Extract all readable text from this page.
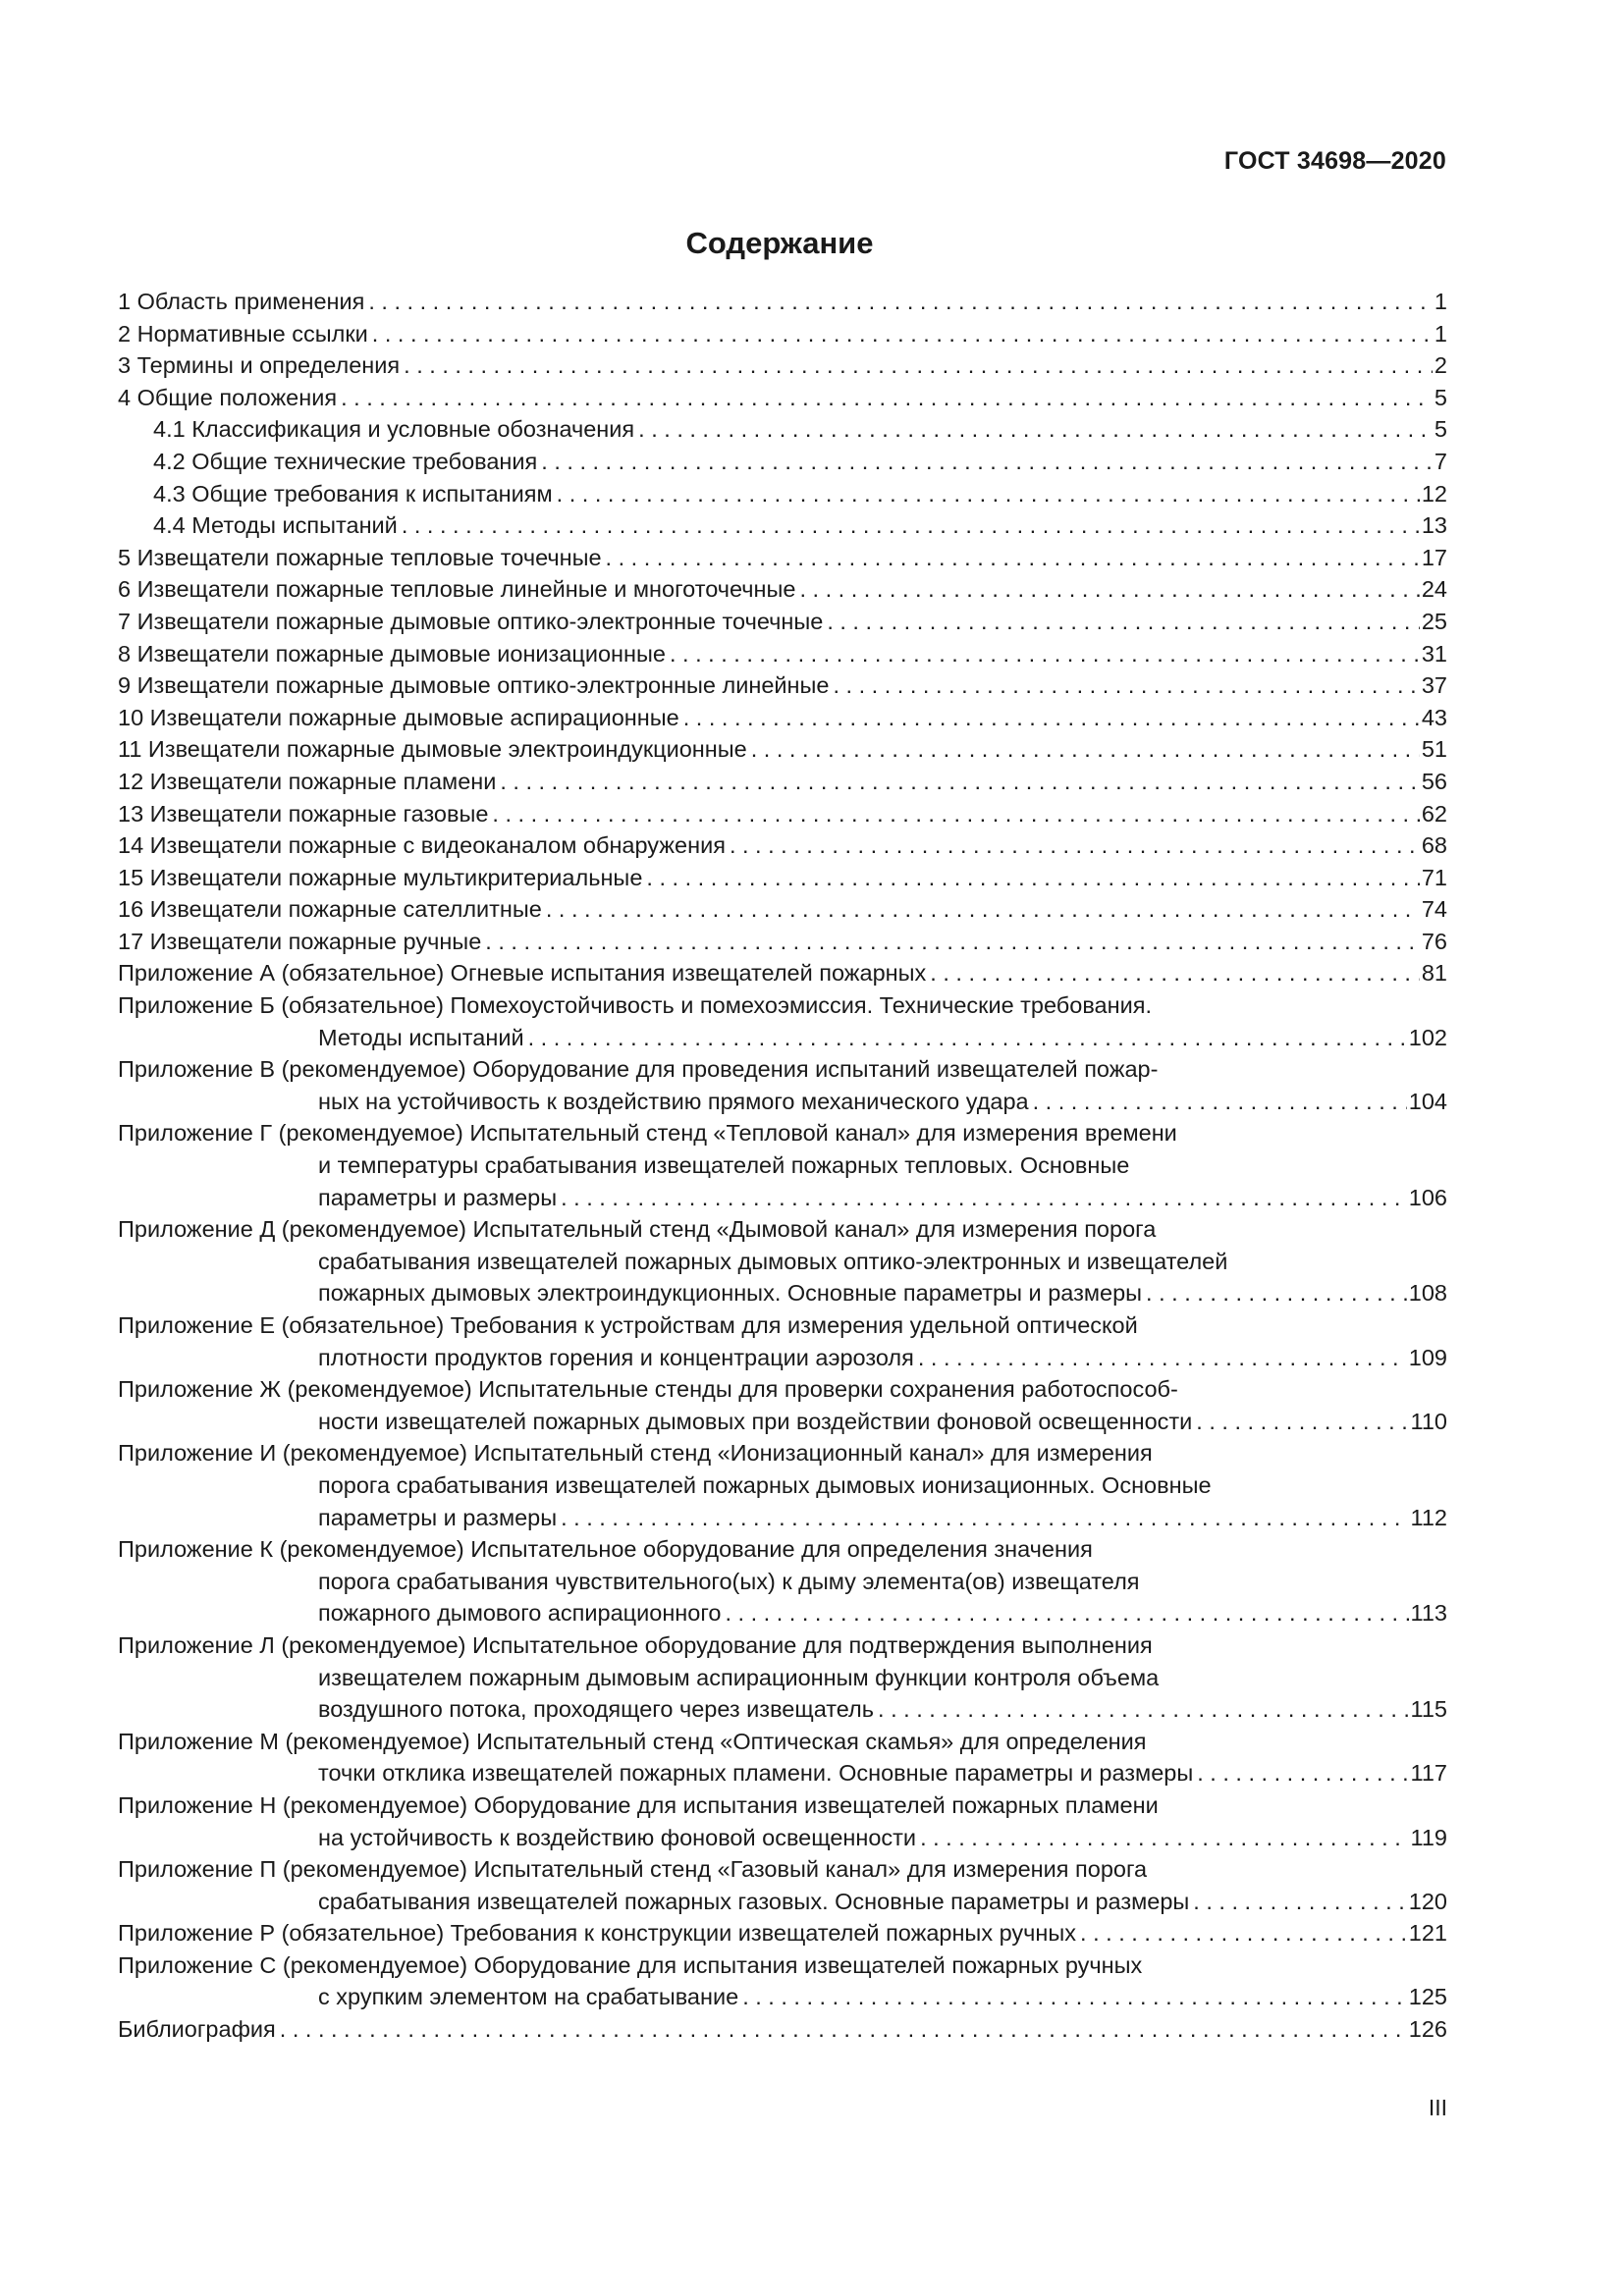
ГОСТ 34698—2020
Содержание
1 Область применения . . .	1
2 Нормативные ссылки . . .	1
3 Термины и определения . . .	2
4 Общие положения . . .	5
4.1 Классификация и условные обозначения . . .	5
4.2 Общие технические требования . . .	7
4.3 Общие требования к испытаниям . . .	12
4.4 Методы испытаний . . .	13
5 Извещатели пожарные тепловые точечные . . .	17
6 Извещатели пожарные тепловые линейные и многоточечные . . .	24
7 Извещатели пожарные дымовые оптико-электронные точечные . . .	25
8 Извещатели пожарные дымовые ионизационные . . .	31
9 Извещатели пожарные дымовые оптико-электронные линейные . . .	37
10 Извещатели пожарные дымовые аспирационные . . .	43
11 Извещатели пожарные дымовые электроиндукционные . . .	51
12 Извещатели пожарные пламени . . .	56
13 Извещатели пожарные газовые . . .	62
14 Извещатели пожарные с видеоканалом обнаружения . . .	68
15 Извещатели пожарные мультикритериальные . . .	71
16 Извещатели пожарные сателлитные . . .	74
17 Извещатели пожарные ручные . . .	76
Приложение А (обязательное) Огневые испытания извещателей пожарных . . .	81
Приложение Б (обязательное) Помехоустойчивость и помехоэмиссия. Технические требования.
Методы испытаний . . .	102
Приложение В (рекомендуемое) Оборудование для проведения испытаний извещателей пожар-
ных на устойчивость к воздействию прямого механического удара . . .	104
Приложение Г (рекомендуемое) Испытательный стенд «Тепловой канал» для измерения времени
и температуры срабатывания извещателей пожарных тепловых. Основные
параметры и размеры . . .	106
Приложение Д (рекомендуемое) Испытательный стенд «Дымовой канал» для измерения порога
срабатывания извещателей пожарных дымовых оптико-электронных и извещателей
пожарных дымовых электроиндукционных. Основные параметры и размеры . . .	108
Приложение Е (обязательное) Требования к устройствам для измерения удельной оптической
плотности продуктов горения и концентрации аэрозоля . . .	109
Приложение Ж (рекомендуемое) Испытательные стенды для проверки сохранения работоспособ-
ности извещателей пожарных дымовых при воздействии фоновой освещенности . . .	110
Приложение И (рекомендуемое) Испытательный стенд «Ионизационный канал» для измерения
порога срабатывания извещателей пожарных дымовых ионизационных. Основные
параметры и размеры . . .	112
Приложение К (рекомендуемое) Испытательное оборудование для определения значения
порога срабатывания чувствительного(ых) к дыму элемента(ов) извещателя
пожарного дымового аспирационного . . .	113
Приложение Л (рекомендуемое) Испытательное оборудование для подтверждения выполнения
извещателем пожарным дымовым аспирационным функции контроля объема
воздушного потока, проходящего через извещатель . . .	115
Приложение М (рекомендуемое) Испытательный стенд «Оптическая скамья» для определения
точки отклика извещателей пожарных пламени. Основные параметры и размеры . . .	117
Приложение Н (рекомендуемое) Оборудование для испытания извещателей пожарных пламени
на устойчивость к воздействию фоновой освещенности . . .	119
Приложение П (рекомендуемое) Испытательный стенд «Газовый канал» для измерения порога
срабатывания извещателей пожарных газовых. Основные параметры и размеры . . .	120
Приложение Р (обязательное) Требования к конструкции извещателей пожарных ручных . . .	121
Приложение С (рекомендуемое) Оборудование для испытания извещателей пожарных ручных
с хрупким элементом на срабатывание . . .	125
Библиография . . .	126
III
